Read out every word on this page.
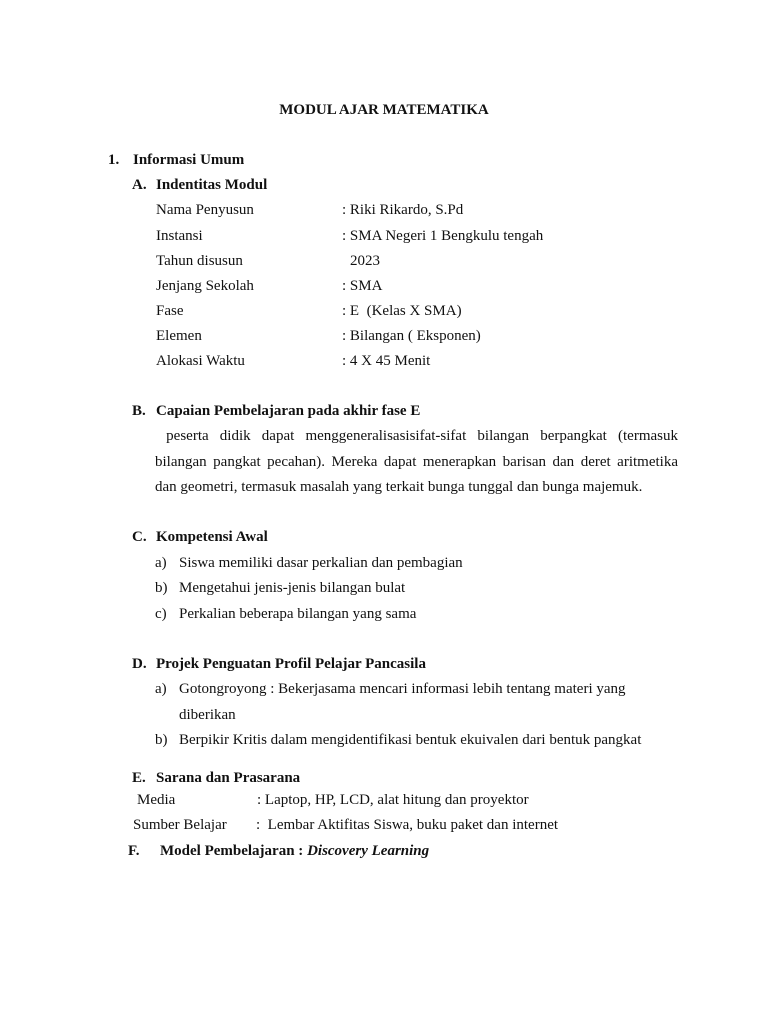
MODUL AJAR MATEMATIKA
1. Informasi Umum
A. Indentitas Modul
Nama Penyusun	: Riki Rikardo, S.Pd
Instansi	: SMA Negeri 1 Bengkulu tengah
Tahun disusun	2023
Jenjang Sekolah	: SMA
Fase	: E  (Kelas X SMA)
Elemen	: Bilangan ( Eksponen)
Alokasi Waktu	: 4 X 45 Menit
B. Capaian Pembelajaran pada akhir fase E
peserta didik dapat menggeneralisasisifat-sifat bilangan berpangkat (termasuk bilangan pangkat pecahan). Mereka dapat menerapkan barisan dan deret aritmetika dan geometri, termasuk masalah yang terkait bunga tunggal dan bunga majemuk.
C. Kompetensi Awal
a) Siswa memiliki dasar perkalian dan pembagian
b) Mengetahui jenis-jenis bilangan bulat
c) Perkalian beberapa bilangan yang sama
D. Projek Penguatan Profil Pelajar Pancasila
a) Gotongroyong : Bekerjasama mencari informasi lebih tentang materi yang
diberikan
b) Berpikir Kritis dalam mengidentifikasi bentuk ekuivalen dari bentuk pangkat
E. Sarana dan Prasarana
Media	: Laptop, HP, LCD, alat hitung dan proyektor
Sumber Belajar :  Lembar Aktifitas Siswa, buku paket dan internet
F. Model Pembelajaran : Discovery Learning
